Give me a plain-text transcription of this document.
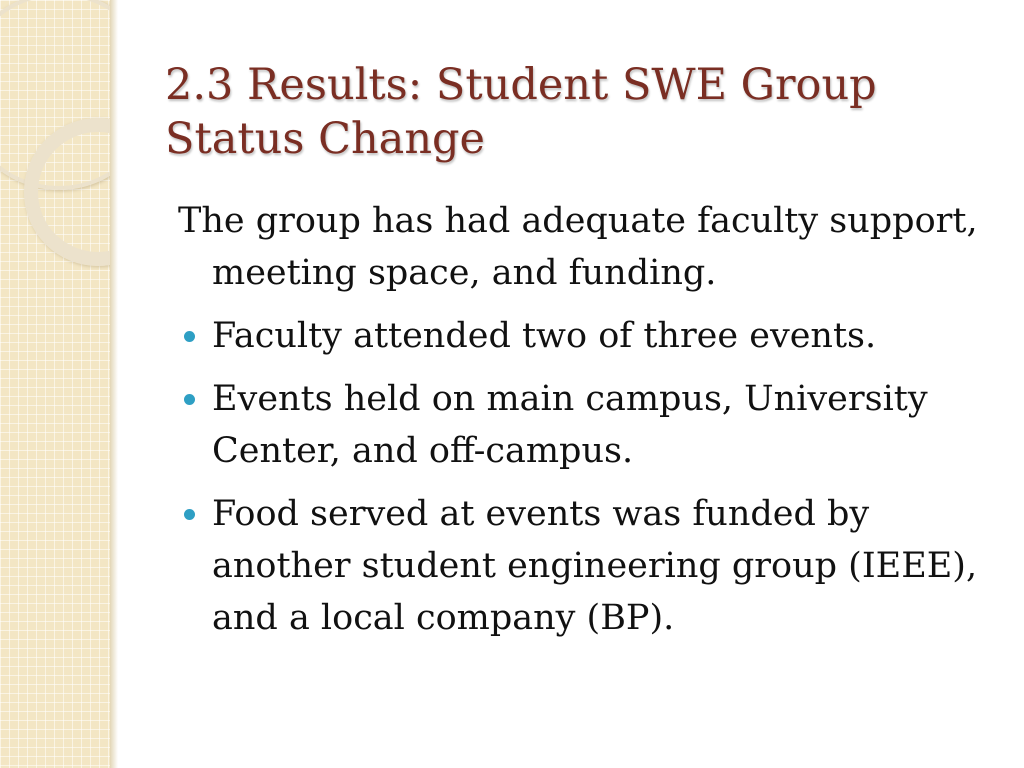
2.3 Results: Student SWE Group Status Change
The group has had adequate faculty support, meeting space, and funding.
Faculty attended two of three events.
Events held on main campus, University Center, and off-campus.
Food served at events was funded by another student engineering group (IEEE), and a local company (BP).
